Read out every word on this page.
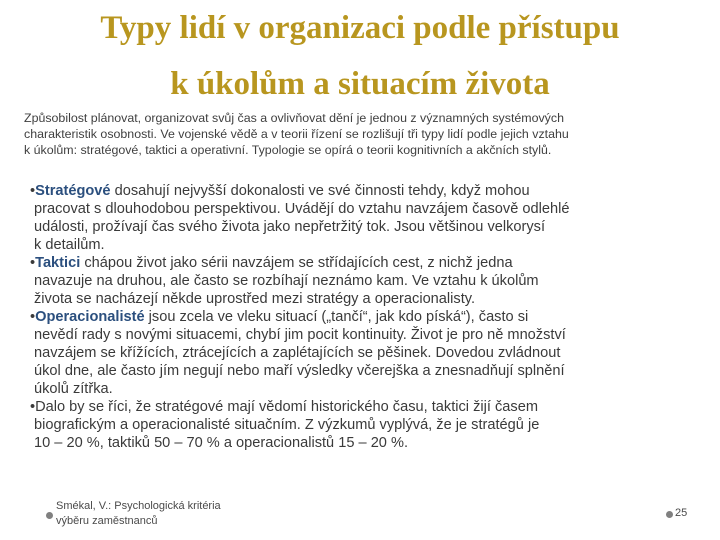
Typy lidí v organizaci podle přístupu
k úkolům a situacím života
Způsobilost plánovat, organizovat svůj čas a ovlivňovat dění je jednou z významných systémových
charakteristik osobnosti. Ve vojenské vědě a v teorii řízení se rozlišují tři typy lidí podle jejich vztahu
k úkolům: stratégové, taktici a operativní. Typologie se opírá o teorii kognitivních a akčních stylů.
•Stratégové dosahují nejvyšší dokonalosti ve své činnosti tehdy, když mohou
pracovat s dlouhodobou perspektivou. Uvádějí do vztahu navzájem časově odlehlé
události, prožívají čas svého života jako nepřetržitý tok. Jsou většinou velkorysí
k detailům.
•Taktici chápou život jako sérii navzájem se střídajících cest, z nichž jedna
navazuje na druhou, ale často se rozbíhají neznámo kam. Ve vztahu k úkolům
života se nacházejí někde uprostřed mezi stratégy a operacionalisty.
•Operacionalisté jsou zcela ve vleku situací („tančí“, jak kdo píská“), často si
nevědí rady s novými situacemi, chybí jim pocit kontinuity. Život je pro ně množství
navzájem se křížících, ztrácejících a zaplétajících se pěšinek. Dovedou zvládnout
úkol dne, ale často jím negují nebo maří výsledky včerejška a znesnadňují splnění
úkolů zítřka.
•Dalo by se říci, že stratégové mají vědomí historického času, taktici žijí časem
biografickým a operacionalisté situačním. Z výzkumů vyplývá, že je stratégů je
10 – 20 %, taktiků 50 – 70 % a operacionalistů 15 – 20 %.
Smékal, V.: Psychologická kritéria
výběru zaměstnanců
25
